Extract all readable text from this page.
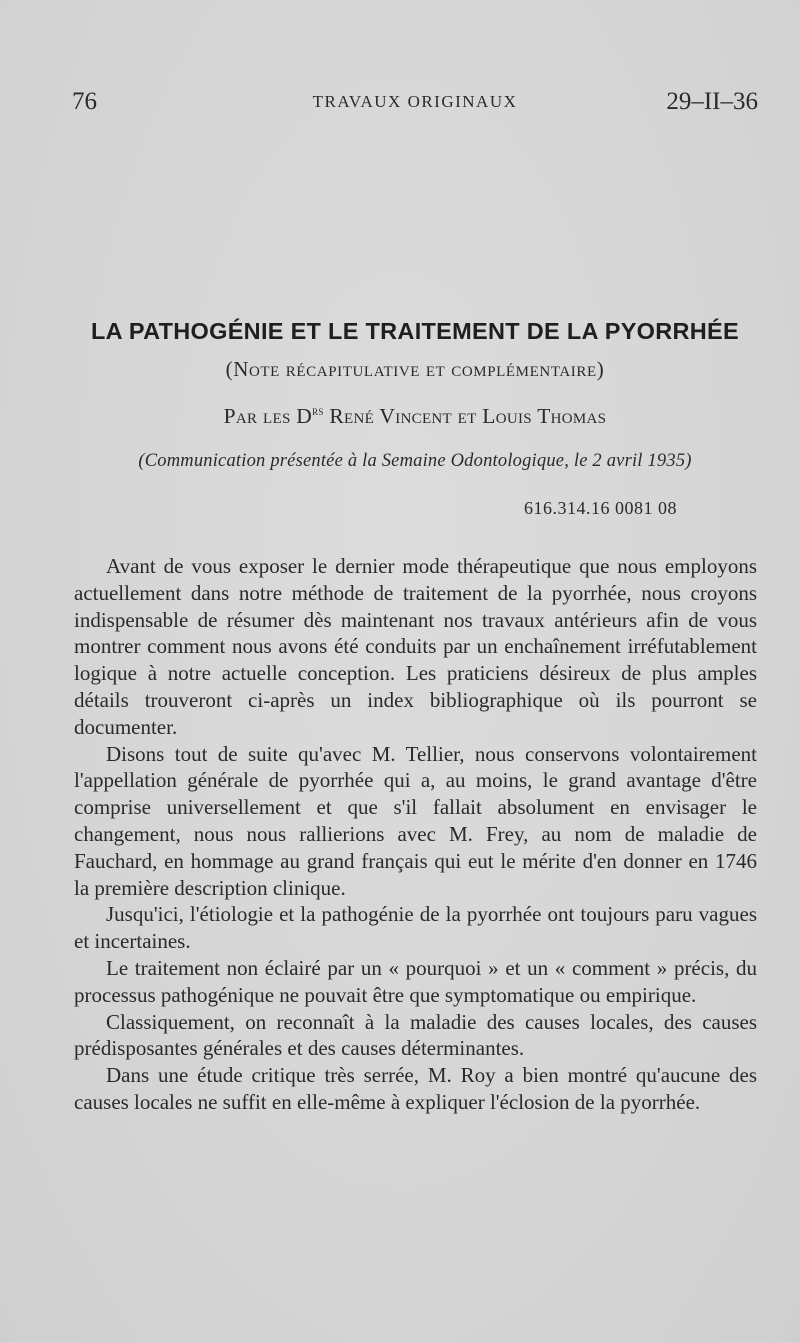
76	TRAVAUX ORIGINAUX	29–II–36
LA PATHOGÉNIE ET LE TRAITEMENT DE LA PYORRHÉE
(Note récapitulative et complémentaire)
Par les $D^{rs}$ René Vincent et Louis Thomas
(Communication présentée à la Semaine Odontologique, le 2 avril 1935)
616.314.16 0081 08

Avant de vous exposer le dernier mode thérapeutique que nous employons actuellement dans notre méthode de traitement de la pyorrhée, nous croyons indispensable de résumer dès maintenant nos travaux antérieurs afin de vous montrer comment nous avons été conduits par un enchaînement irréfutablement logique à notre actuelle conception. Les praticiens désireux de plus amples détails trouveront ci-après un index bibliographique où ils pourront se documenter.

Disons tout de suite qu'avec M. Tellier, nous conservons volontairement l'appellation générale de pyorrhée qui a, au moins, le grand avantage d'être comprise universellement et que s'il fallait absolument en envisager le changement, nous nous rallierions avec M. Frey, au nom de maladie de Fauchard, en hommage au grand français qui eut le mérite d'en donner en 1746 la première description clinique.

Jusqu'ici, l'étiologie et la pathogénie de la pyorrhée ont toujours paru vagues et incertaines.

Le traitement non éclairé par un « pourquoi » et un « comment » précis, du processus pathogénique ne pouvait être que symptomatique ou empirique.

Classiquement, on reconnaît à la maladie des causes locales, des causes prédisposantes générales et des causes déterminantes.

Dans une étude critique très serrée, M. Roy a bien montré qu'aucune des causes locales ne suffit en elle-même à expliquer l'éclosion de la pyorrhée.
